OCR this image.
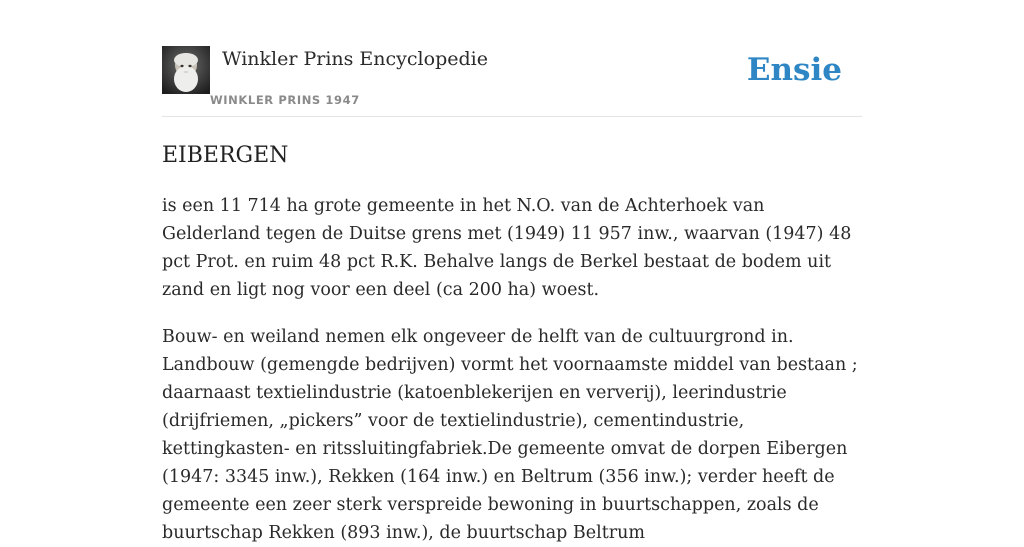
Winkler Prins Encyclopedie
WINKLER PRINS 1947
Ensie
EIBERGEN

is een 11 714 ha grote gemeente in het N.O. van de Achterhoek van Gelderland tegen de Duitse grens met (1949) 11 957 inw., waarvan (1947) 48 pct Prot. en ruim 48 pct R.K. Behalve langs de Berkel bestaat de bodem uit zand en ligt nog voor een deel (ca 200 ha) woest.

Bouw- en weiland nemen elk ongeveer de helft van de cultuurgrond in. Landbouw (gemengde bedrijven) vormt het voornaamste middel van bestaan ; daarnaast textielindustrie (katoenblekerijen en ververij), leerindustrie (drijfriemen, „pickers” voor de textielindustrie), cementindustrie, kettingkasten- en ritssluitingfabriek.De gemeente omvat de dorpen Eibergen (1947: 3345 inw.), Rekken (164 inw.) en Beltrum (356 inw.); verder heeft de gemeente een zeer sterk verspreide bewoning in buurtschappen, zoals de buurtschap Rekken (893 inw.), de buurtschap Beltrum
